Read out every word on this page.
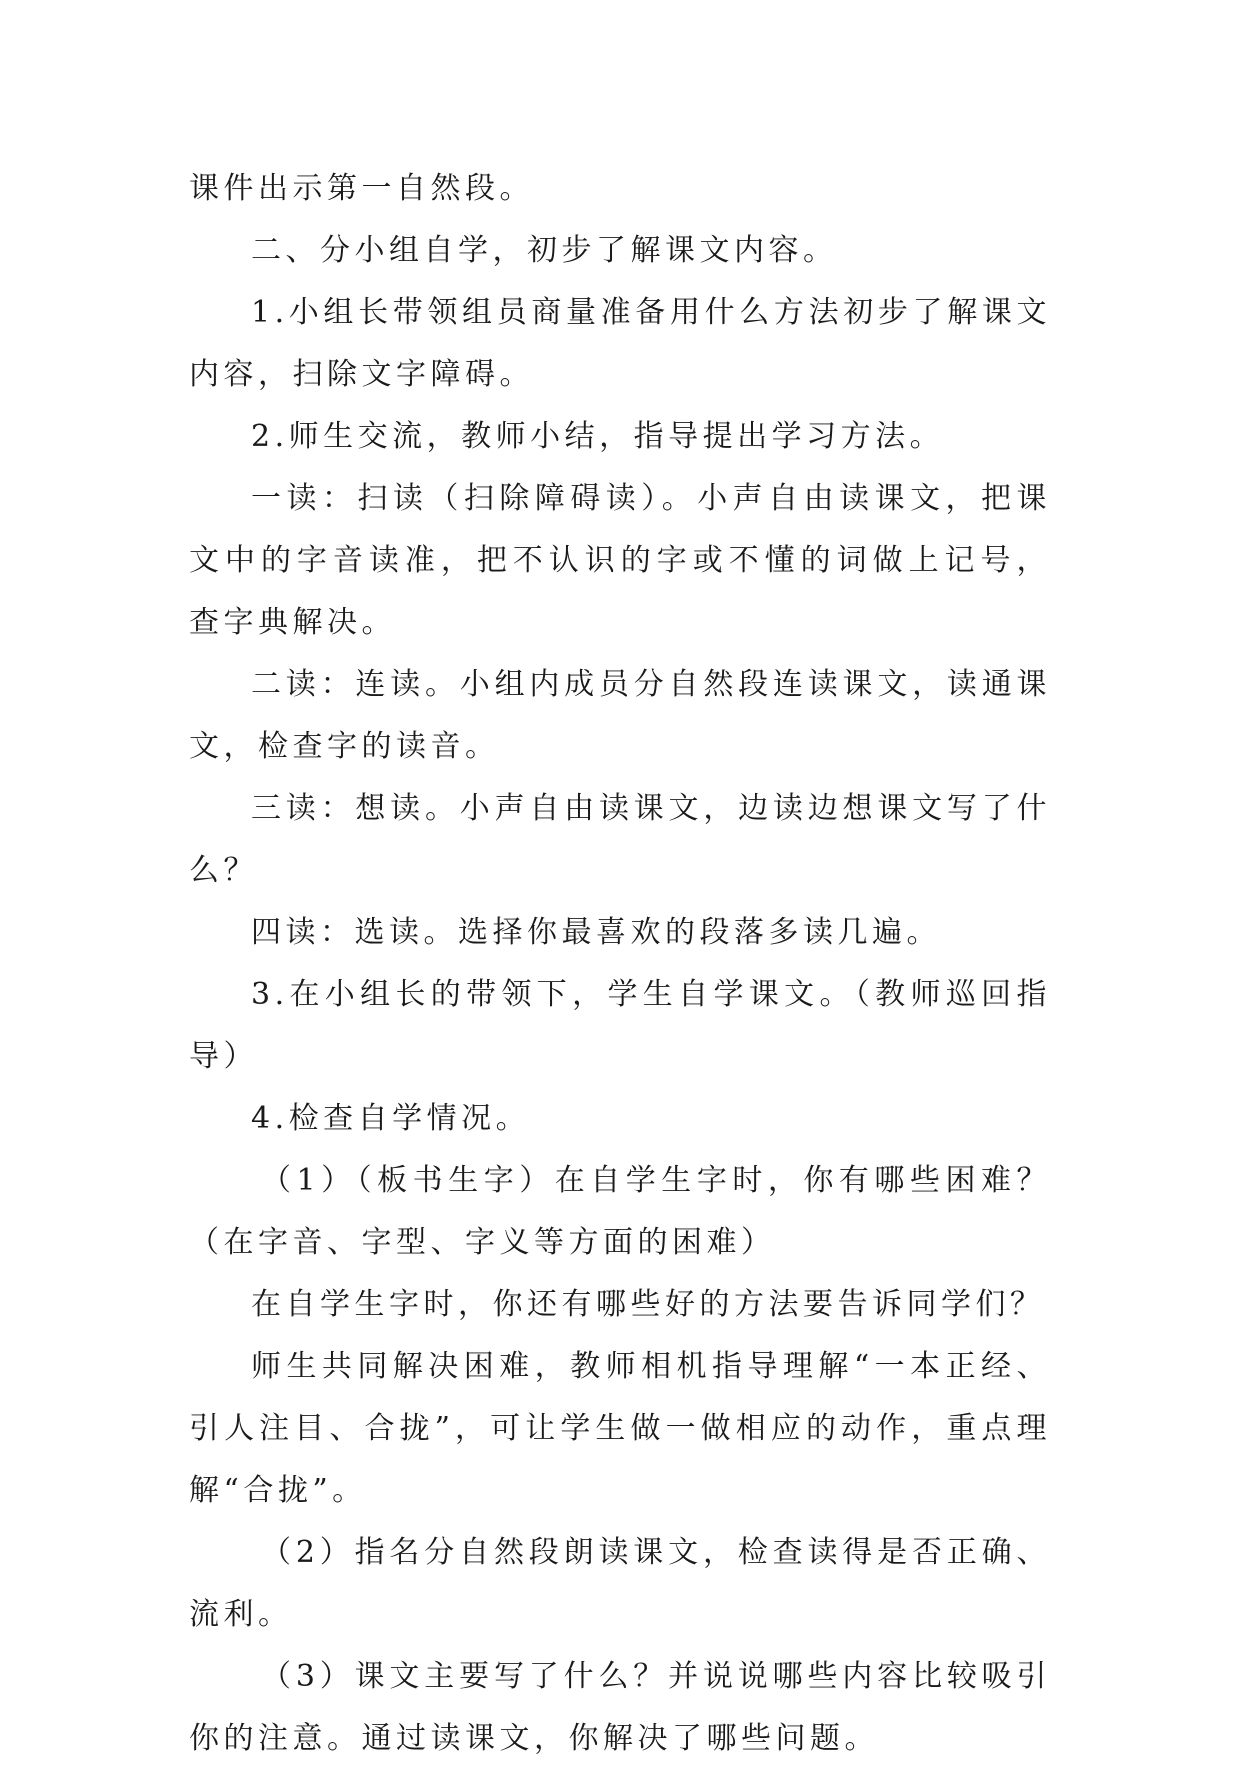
课件出示第一自然段。

二、分小组自学，初步了解课文内容。

1.小组长带领组员商量准备用什么方法初步了解课文内容，扫除文字障碍。

2.师生交流，教师小结，指导提出学习方法。

一读：扫读（扫除障碍读）。小声自由读课文，把课文中的字音读准，把不认识的字或不懂的词做上记号，查字典解决。

二读：连读。小组内成员分自然段连读课文，读通课文，检查字的读音。

三读：想读。小声自由读课文，边读边想课文写了什么？

四读：选读。选择你最喜欢的段落多读几遍。

3.在小组长的带领下，学生自学课文。（教师巡回指导）

4.检查自学情况。

（1）（板书生字）在自学生字时，你有哪些困难？（在字音、字型、字义等方面的困难）

在自学生字时，你还有哪些好的方法要告诉同学们？

师生共同解决困难，教师相机指导理解“一本正经、引人注目、合拢”，可让学生做一做相应的动作，重点理解“合拢”。

（2）指名分自然段朗读课文，检查读得是否正确、流利。

（3）课文主要写了什么？并说说哪些内容比较吸引你的注意。通过读课文，你解决了哪些问题。
